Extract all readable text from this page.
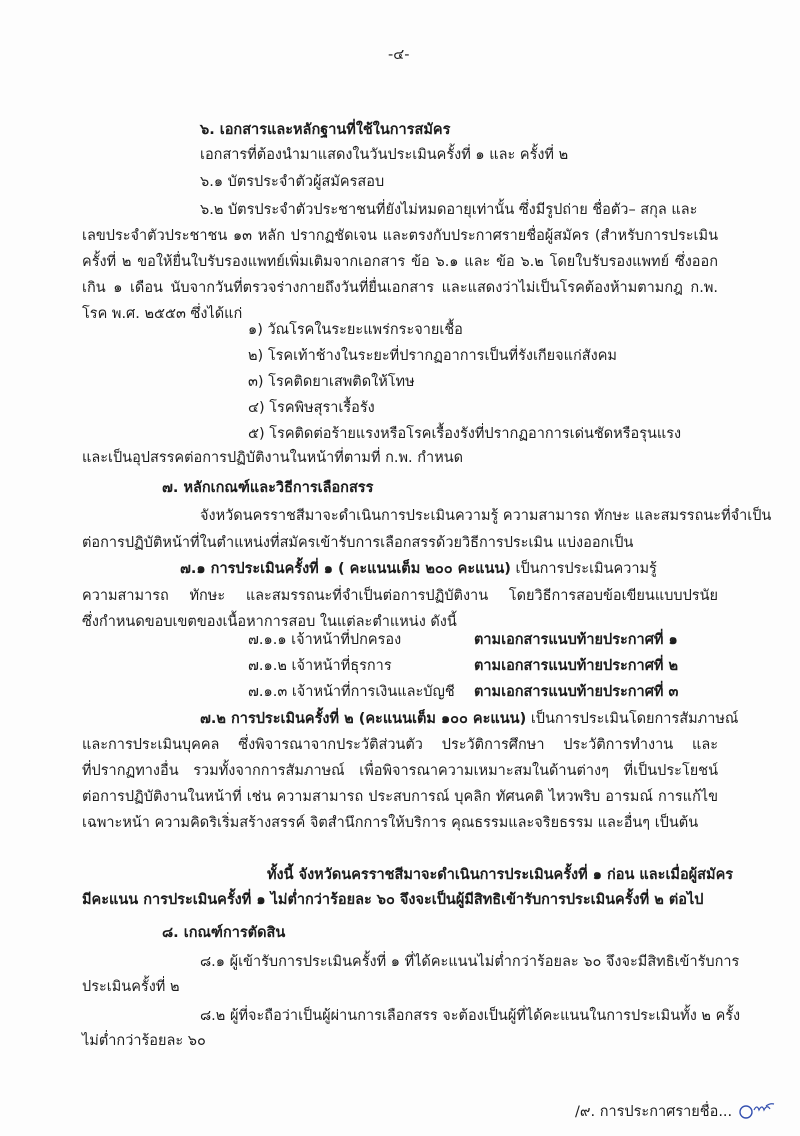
-๔-
๖. เอกสารและหลักฐานที่ใช้ในการสมัคร
เอกสารที่ต้องนำมาแสดงในวันประเมินครั้งที่ ๑ และ ครั้งที่ ๒
๖.๑ บัตรประจำตัวผู้สมัครสอบ
๖.๒ บัตรประจำตัวประชาชนที่ยังไม่หมดอายุเท่านั้น ซึ่งมีรูปถ่าย ชื่อตัว– สกุล และ
เลขประจำตัวประชาชน ๑๓ หลัก ปรากฏชัดเจน และตรงกับประกาศรายชื่อผู้สมัคร (สำหรับการประเมิน
ครั้งที่ ๒ ขอให้ยื่นใบรับรองแพทย์เพิ่มเติมจากเอกสาร ข้อ ๖.๑ และ ข้อ ๖.๒ โดยใบรับรองแพทย์ ซึ่งออก
เกิน ๑ เดือน นับจากวันที่ตรวจร่างกายถึงวันที่ยื่นเอกสาร และแสดงว่าไม่เป็นโรคต้องห้ามตามกฎ ก.พ.
โรค พ.ศ. ๒๕๕๓ ซึ่งได้แก่
๑) วัณโรคในระยะแพร่กระจายเชื้อ
๒) โรคเท้าช้างในระยะที่ปรากฏอาการเป็นที่รังเกียจแก่สังคม
๓) โรคติดยาเสพติดให้โทษ
๔) โรคพิษสุราเรื้อรัง
๕) โรคติดต่อร้ายแรงหรือโรคเรื้องรังที่ปรากฏอาการเด่นชัดหรือรุนแรง
และเป็นอุปสรรคต่อการปฏิบัติงานในหน้าที่ตามที่ ก.พ. กำหนด
๗. หลักเกณฑ์และวิธีการเลือกสรร
จังหวัดนครราชสีมาจะดำเนินการประเมินความรู้ ความสามารถ ทักษะ และสมรรถนะที่จำเป็น
ต่อการปฏิบัติหน้าที่ในตำแหน่งที่สมัครเข้ารับการเลือกสรรด้วยวิธีการประเมิน แบ่งออกเป็น
๗.๑ การประเมินครั้งที่ ๑ ( คะแนนเต็ม ๒๐๐ คะแนน) เป็นการประเมินความรู้
ความสามารถ ทักษะ และสมรรถนะที่จำเป็นต่อการปฏิบัติงาน โดยวิธีการสอบข้อเขียนแบบปรนัย
ซึ่งกำหนดขอบเขตของเนื้อหาการสอบ ในแต่ละตำแหน่ง ดังนี้
๗.๑.๑ เจ้าหน้าที่ปกครอง	ตามเอกสารแนบท้ายประกาศที่ ๑
๗.๑.๒ เจ้าหน้าที่ธุรการ	ตามเอกสารแนบท้ายประกาศที่ ๒
๗.๑.๓ เจ้าหน้าที่การเงินและบัญชี ตามเอกสารแนบท้ายประกาศที่ ๓
๗.๒ การประเมินครั้งที่ ๒ (คะแนนเต็ม ๑๐๐ คะแนน) เป็นการประเมินโดยการสัมภาษณ์
และการประเมินบุคคล ซึ่งพิจารณาจากประวัติส่วนตัว ประวัติการศึกษา ประวัติการทำงาน และ
ที่ปรากฏทางอื่น รวมทั้งจากการสัมภาษณ์ เพื่อพิจารณาความเหมาะสมในด้านต่างๆ ที่เป็นประโยชน์
ต่อการปฏิบัติงานในหน้าที่ เช่น ความสามารถ ประสบการณ์ บุคลิก ทัศนคติ ไหวพริบ อารมณ์ การแก้ไข
เฉพาะหน้า ความคิดริเริ่มสร้างสรรค์ จิตสำนึกการให้บริการ คุณธรรมและจริยธรรม และอื่นๆ เป็นต้น
ทั้งนี้ จังหวัดนครราชสีมาจะดำเนินการประเมินครั้งที่ ๑ ก่อน และเมื่อผู้สมัคร
มีคะแนน การประเมินครั้งที่ ๑ ไม่ต่ำกว่าร้อยละ ๖๐ จึงจะเป็นผู้มีสิทธิเข้ารับการประเมินครั้งที่ ๒ ต่อไป
๘. เกณฑ์การตัดสิน
๘.๑ ผู้เข้ารับการประเมินครั้งที่ ๑ ที่ได้คะแนนไม่ต่ำกว่าร้อยละ ๖๐ จึงจะมีสิทธิเข้ารับการ
ประเมินครั้งที่ ๒
๘.๒ ผู้ที่จะถือว่าเป็นผู้ผ่านการเลือกสรร จะต้องเป็นผู้ที่ได้คะแนนในการประเมินทั้ง ๒ ครั้ง
ไม่ต่ำกว่าร้อยละ ๖๐
/๙. การประกาศรายชื่อ...
